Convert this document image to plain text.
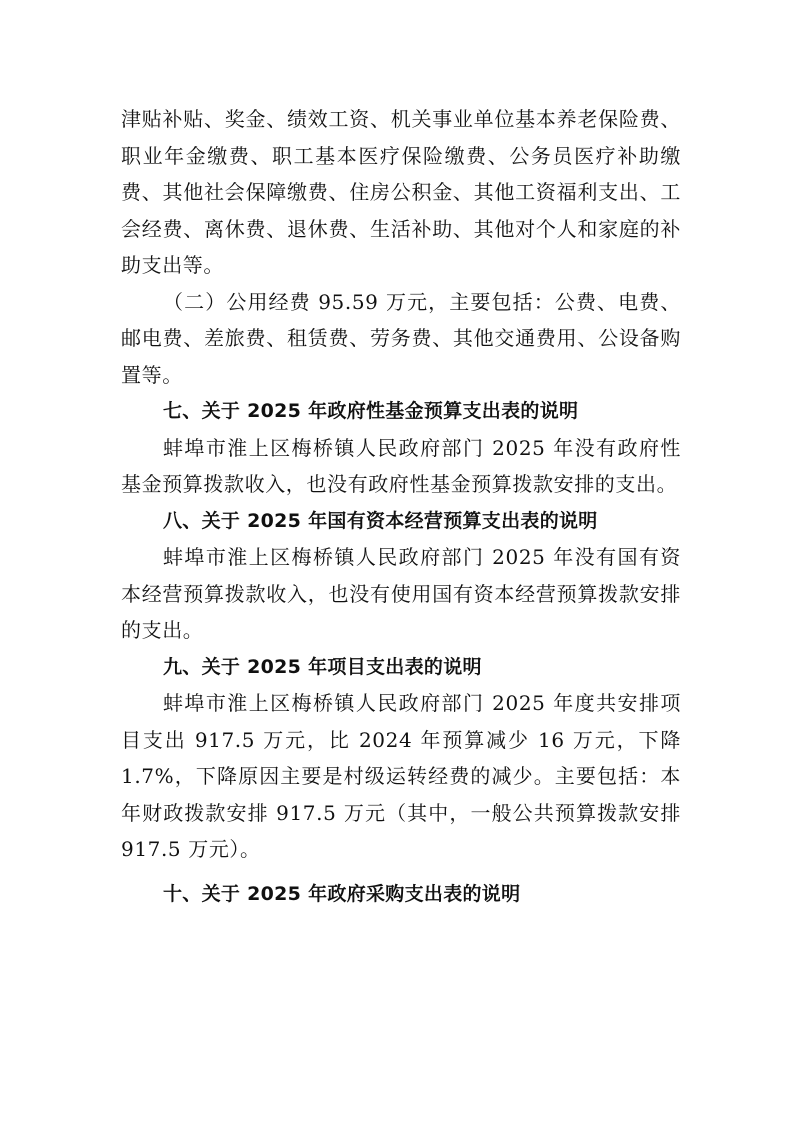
津贴补贴、奖金、绩效工资、机关事业单位基本养老保险费、职业年金缴费、职工基本医疗保险缴费、公务员医疗补助缴费、其他社会保障缴费、住房公积金、其他工资福利支出、工会经费、离休费、退休费、生活补助、其他对个人和家庭的补助支出等。

（二）公用经费 95.59 万元，主要包括：公费、电费、邮电费、差旅费、租赁费、劳务费、其他交通费用、公设备购置等。

七、关于 2025 年政府性基金预算支出表的说明

蚌埠市淮上区梅桥镇人民政府部门 2025 年没有政府性基金预算拨款收入，也没有政府性基金预算拨款安排的支出。

八、关于 2025 年国有资本经营预算支出表的说明

蚌埠市淮上区梅桥镇人民政府部门 2025 年没有国有资本经营预算拨款收入，也没有使用国有资本经营预算拨款安排的支出。

九、关于 2025 年项目支出表的说明

蚌埠市淮上区梅桥镇人民政府部门 2025 年度共安排项目支出 917.5 万元，比 2024 年预算减少 16 万元，下降 1.7%，下降原因主要是村级运转经费的减少。主要包括：本年财政拨款安排 917.5 万元（其中，一般公共预算拨款安排 917.5 万元）。

十、关于 2025 年政府采购支出表的说明
